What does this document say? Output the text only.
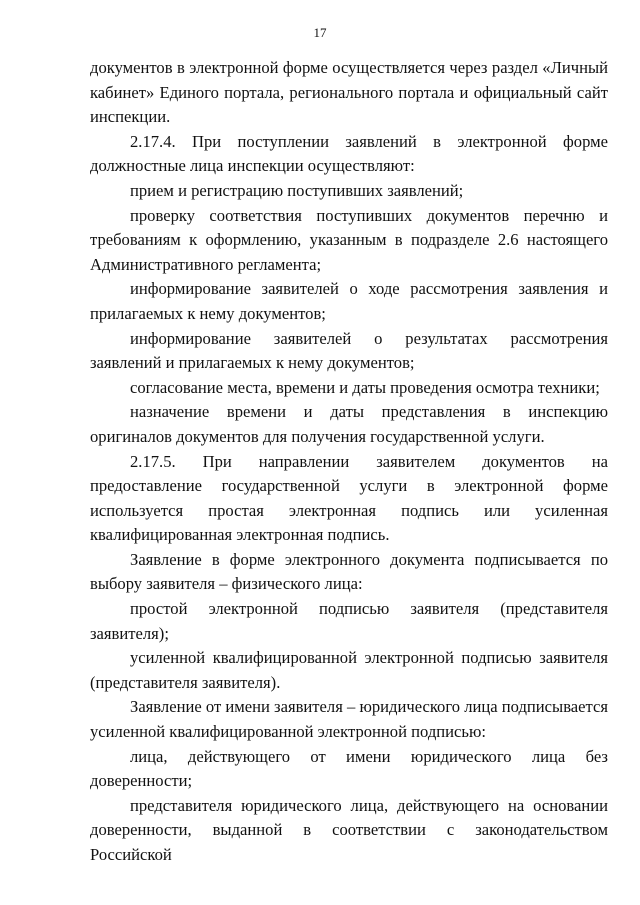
17

документов в электронной форме осуществляется через раздел «Личный кабинет» Единого портала, регионального портала и официальный сайт инспекции.

2.17.4. При поступлении заявлений в электронной форме должностные лица инспекции осуществляют:

прием и регистрацию поступивших заявлений;

проверку соответствия поступивших документов перечню и требованиям к оформлению, указанным в подразделе 2.6 настоящего Административного регламента;

информирование заявителей о ходе рассмотрения заявления и прилагаемых к нему документов;

информирование заявителей о результатах рассмотрения заявлений и прилагаемых к нему документов;

согласование места, времени и даты проведения осмотра техники;

назначение времени и даты представления в инспекцию оригиналов документов для получения государственной услуги.

2.17.5. При направлении заявителем документов на предоставление государственной услуги в электронной форме используется простая электронная подпись или усиленная квалифицированная электронная подпись.

Заявление в форме электронного документа подписывается по выбору заявителя – физического лица:

простой электронной подписью заявителя (представителя заявителя);

усиленной квалифицированной электронной подписью заявителя (представителя заявителя).

Заявление от имени заявителя – юридического лица подписывается усиленной квалифицированной электронной подписью:

лица, действующего от имени юридического лица без доверенности;

представителя юридического лица, действующего на основании доверенности, выданной в соответствии с законодательством Российской
